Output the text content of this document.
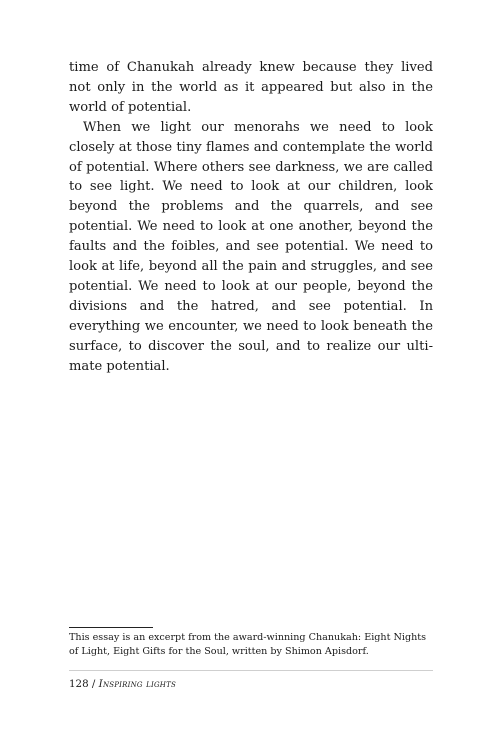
time of Chanukah already knew because they lived not only in the world as it appeared but also in the world of potential.

When we light our menorahs we need to look closely at those tiny flames and contemplate the world of potential. Where others see darkness, we are called to see light. We need to look at our children, look beyond the problems and the quarrels, and see potential. We need to look at one another, beyond the faults and the foibles, and see potential. We need to look at life, beyond all the pain and struggles, and see potential. We need to look at our people, beyond the divisions and the hatred, and see potential. In everything we encounter, we need to look beneath the surface, to discover the soul, and to realize our ultimate potential.

This essay is an excerpt from the award-winning Chanukah: Eight Nights of Light, Eight Gifts for the Soul, written by Shimon Apisdorf.

128 / Inspiring lights
